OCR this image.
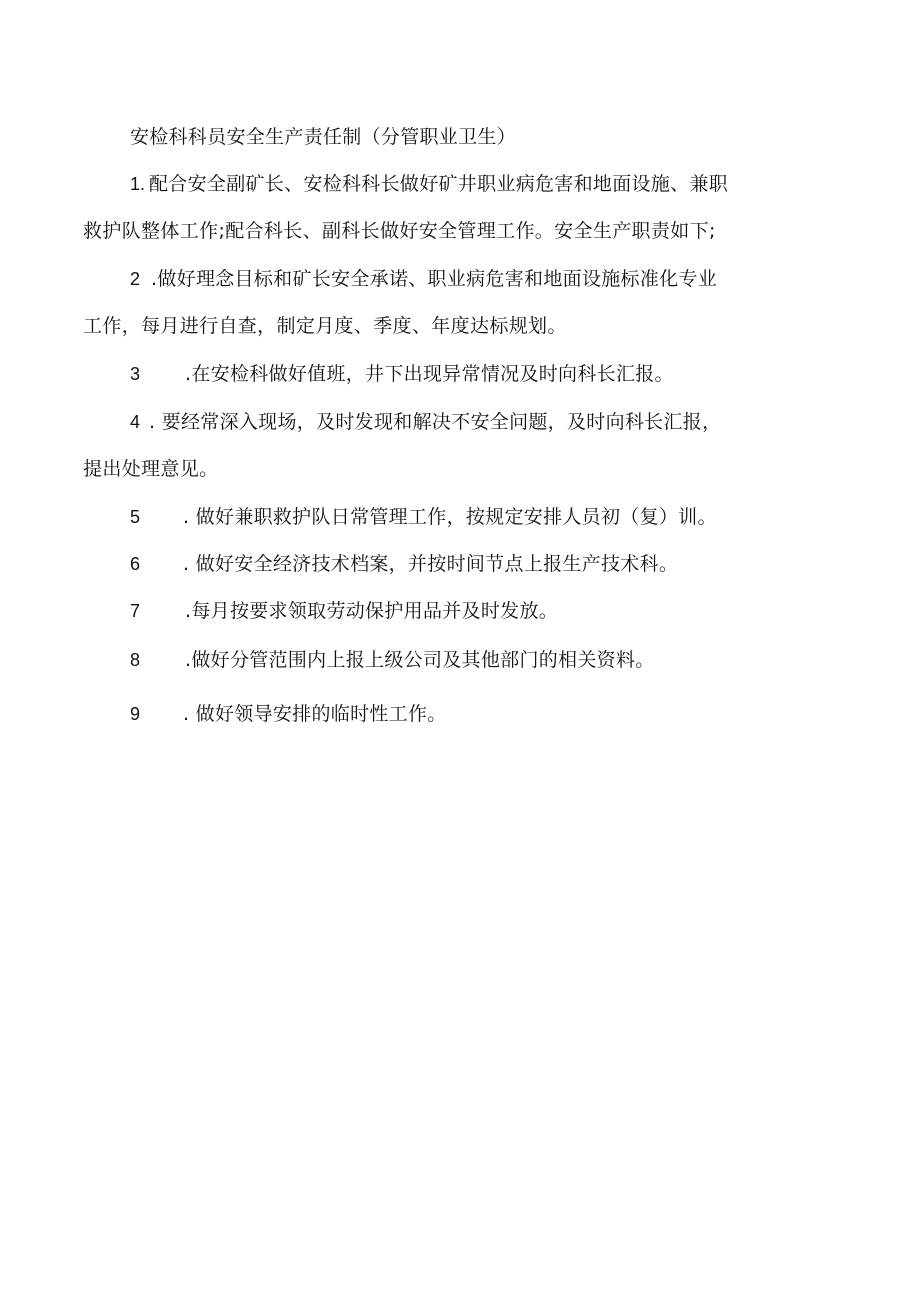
安检科科员安全生产责任制（分管职业卫生）
1. 配合安全副矿长、安检科科长做好矿井职业病危害和地面设施、兼职
救护队整体工作;配合科长、副科长做好安全管理工作。安全生产职责如下;
2 .做好理念目标和矿长安全承诺、职业病危害和地面设施标准化专业
工作，每月进行自查，制定月度、季度、年度达标规划。
3 .在安检科做好值班，井下出现异常情况及时向科长汇报。
4 . 要经常深入现场，及时发现和解决不安全问题，及时向科长汇报，
提出处理意见。
5 . 做好兼职救护队日常管理工作，按规定安排人员初（复）训。
6 . 做好安全经济技术档案，并按时间节点上报生产技术科。
7 .每月按要求领取劳动保护用品并及时发放。
8 .做好分管范围内上报上级公司及其他部门的相关资料。
9 . 做好领导安排的临时性工作。
